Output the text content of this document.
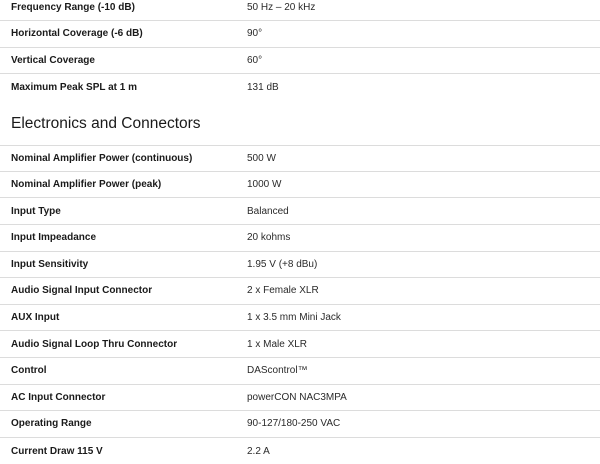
Frequency Range (-10 dB)	50 Hz – 20 kHz
Horizontal Coverage (-6 dB)	90°
Vertical Coverage	60°
Maximum Peak SPL at 1 m	131 dB
Electronics and Connectors
Nominal Amplifier Power (continuous)	500 W
Nominal Amplifier Power (peak)	1000 W
Input Type	Balanced
Input Impeadance	20 kohms
Input Sensitivity	1.95 V (+8 dBu)
Audio Signal Input Connector	2 x Female XLR
AUX Input	1 x 3.5 mm Mini Jack
Audio Signal Loop Thru Connector	1 x Male XLR
Control	DAScontrol™
AC Input Connector	powerCON NAC3MPA
Operating Range	90-127/180-250 VAC
Current Draw 115 V	2.2 A
